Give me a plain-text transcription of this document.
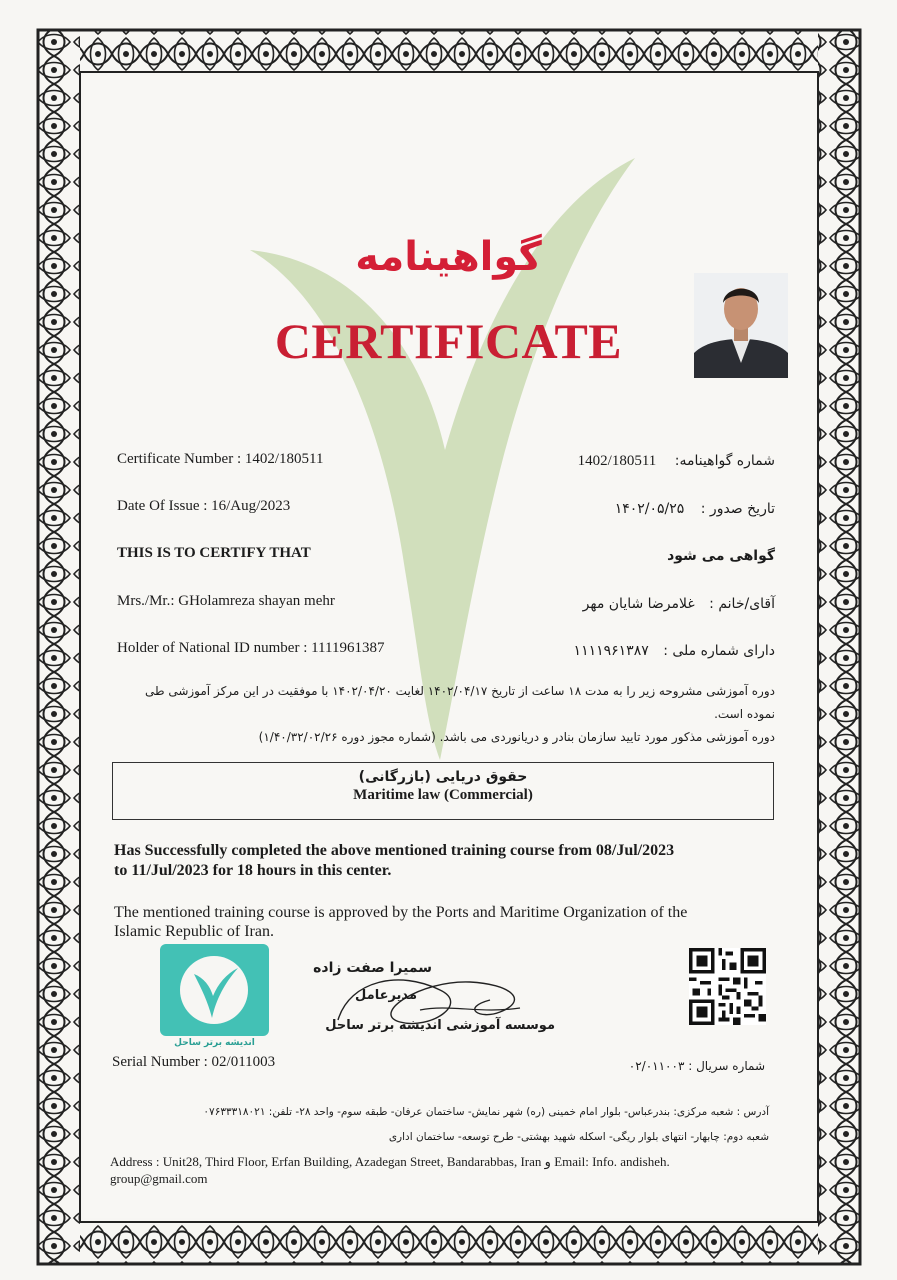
گواهینامه
CERTIFICATE
Certificate Number : 1402/180511	شماره گواهینامه: 1402/180511
Date Of Issue : 16/Aug/2023	تاریخ صدور : ۱۴۰۲/۰۵/۲۵
THIS IS TO CERTIFY THAT	گواهی می شود
Mrs./Mr.: GHolamreza shayan mehr	آقای/خانم : غلامرضا شایان مهر
Holder of National ID number : 1111961387	دارای شماره ملی : ۱۱۱۱۹۶۱۳۸۷
دوره آموزشی مشروحه زیر را به مدت ۱۸ ساعت از تاریخ ۱۴۰۲/۰۴/۱۷ لغایت ۱۴۰۲/۰۴/۲۰ با موفقیت در این مرکز آموزشی طی
نموده است.
دوره آموزشی مذکور مورد تایید سازمان بنادر و دریانوردی می باشد. (شماره مجوز دوره ۱/۴۰/۳۲/۰۲/۲۶)
حقوق دریایی (بازرگانی)
Maritime law (Commercial)
Has Successfully completed the above mentioned training course from 08/Jul/2023
to 11/Jul/2023 for 18 hours in this center.
The mentioned training course is approved by the Ports and Maritime Organization of the
Islamic Republic of Iran.
اندیشه برتر ساحل
سمیرا صفت زاده
مدیرعامل
موسسه آموزشی اندیشه برتر ساحل
Serial Number : 02/011003	شماره سریال : ۰۲/۰۱۱۰۰۳
آدرس : شعبه مرکزی: بندرعباس- بلوار امام خمینی (ره) شهر نمایش- ساختمان عرفان- طبقه سوم- واحد ۲۸- تلفن: ۰۷۶۳۳۳۱۸۰۲۱
شعبه دوم: چابهار- انتهای بلوار ریگی- اسکله شهید بهشتی- طرح توسعه- ساختمان اداری
Address : Unit28, Third Floor, Erfan Building, Azadegan Street, Bandarabbas, Iran و Email: Info. andisheh.
group@gmail.com
